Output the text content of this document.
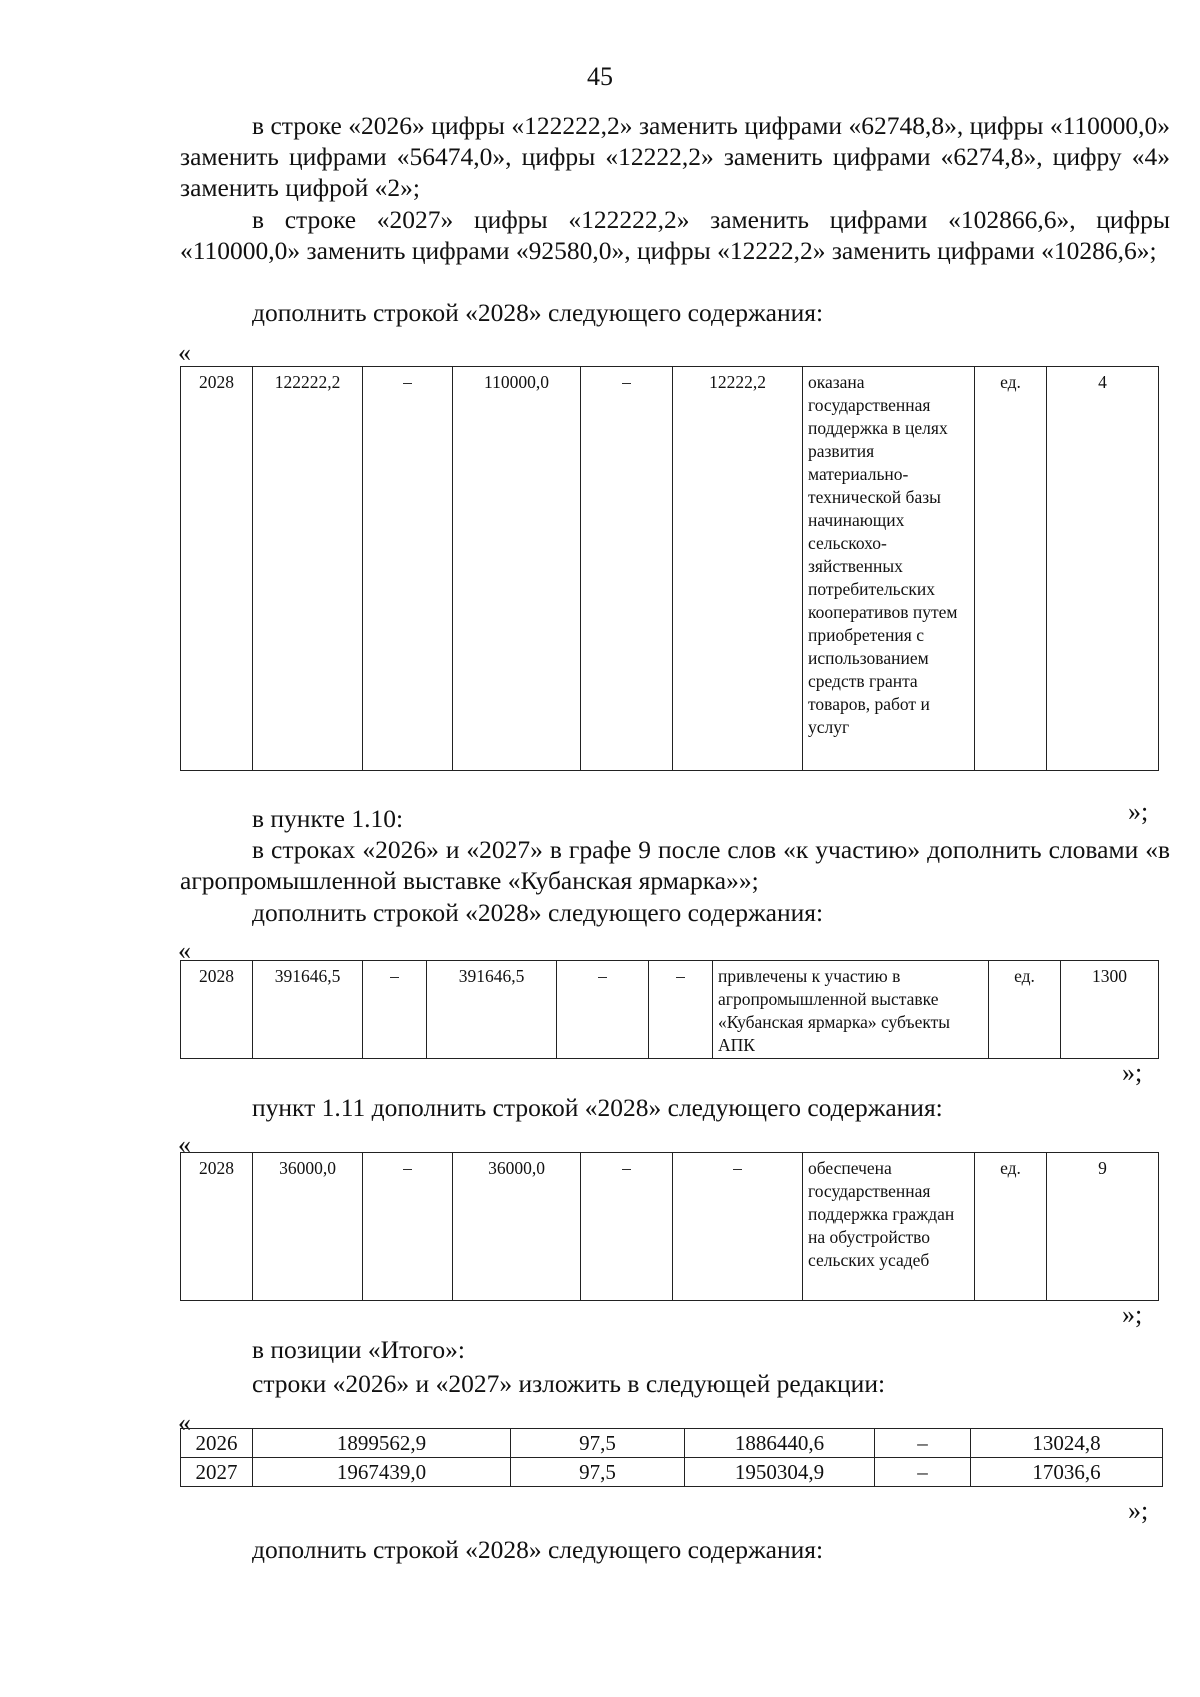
45

в строке «2026» цифры «122222,2» заменить цифрами «62748,8», цифры «110000,0» заменить цифрами «56474,0», цифры «12222,2» заменить цифрами «6274,8», цифру «4» заменить цифрой «2»;

в строке «2027» цифры «122222,2» заменить цифрами «102866,6», цифры «110000,0» заменить цифрами «92580,0», цифры «12222,2» заменить цифрами «10286,6»;

дополнить строкой «2028» следующего содержания:

«
2028	122222,2	–	110000,0	–	12222,2	оказана государственная поддержка в целях развития материально-технической базы начинающих сельскохо-зяйственных потребительских кооперативов путем приобретения с использованием средств гранта товаров, работ и услуг	ед.	4
»;

в пункте 1.10:

в строках «2026» и «2027» в графе 9 после слов «к участию» дополнить словами «в агропромышленной выставке «Кубанская ярмарка»»;

дополнить строкой «2028» следующего содержания:

«
2028	391646,5	–	391646,5	–	–	привлечены к участию в агропромышленной выставке «Кубанская ярмарка» субъекты АПК	ед.	1300
»;

пункт 1.11 дополнить строкой «2028» следующего содержания:

«
2028	36000,0	–	36000,0	–	–	обеспечена государственная поддержка граждан на обустройство сельских усадеб	ед.	9
»;

в позиции «Итого»:

строки «2026» и «2027» изложить в следующей редакции:

«
2026	1899562,9	97,5	1886440,6	–	13024,8
2027	1967439,0	97,5	1950304,9	–	17036,6
»;

дополнить строкой «2028» следующего содержания:
